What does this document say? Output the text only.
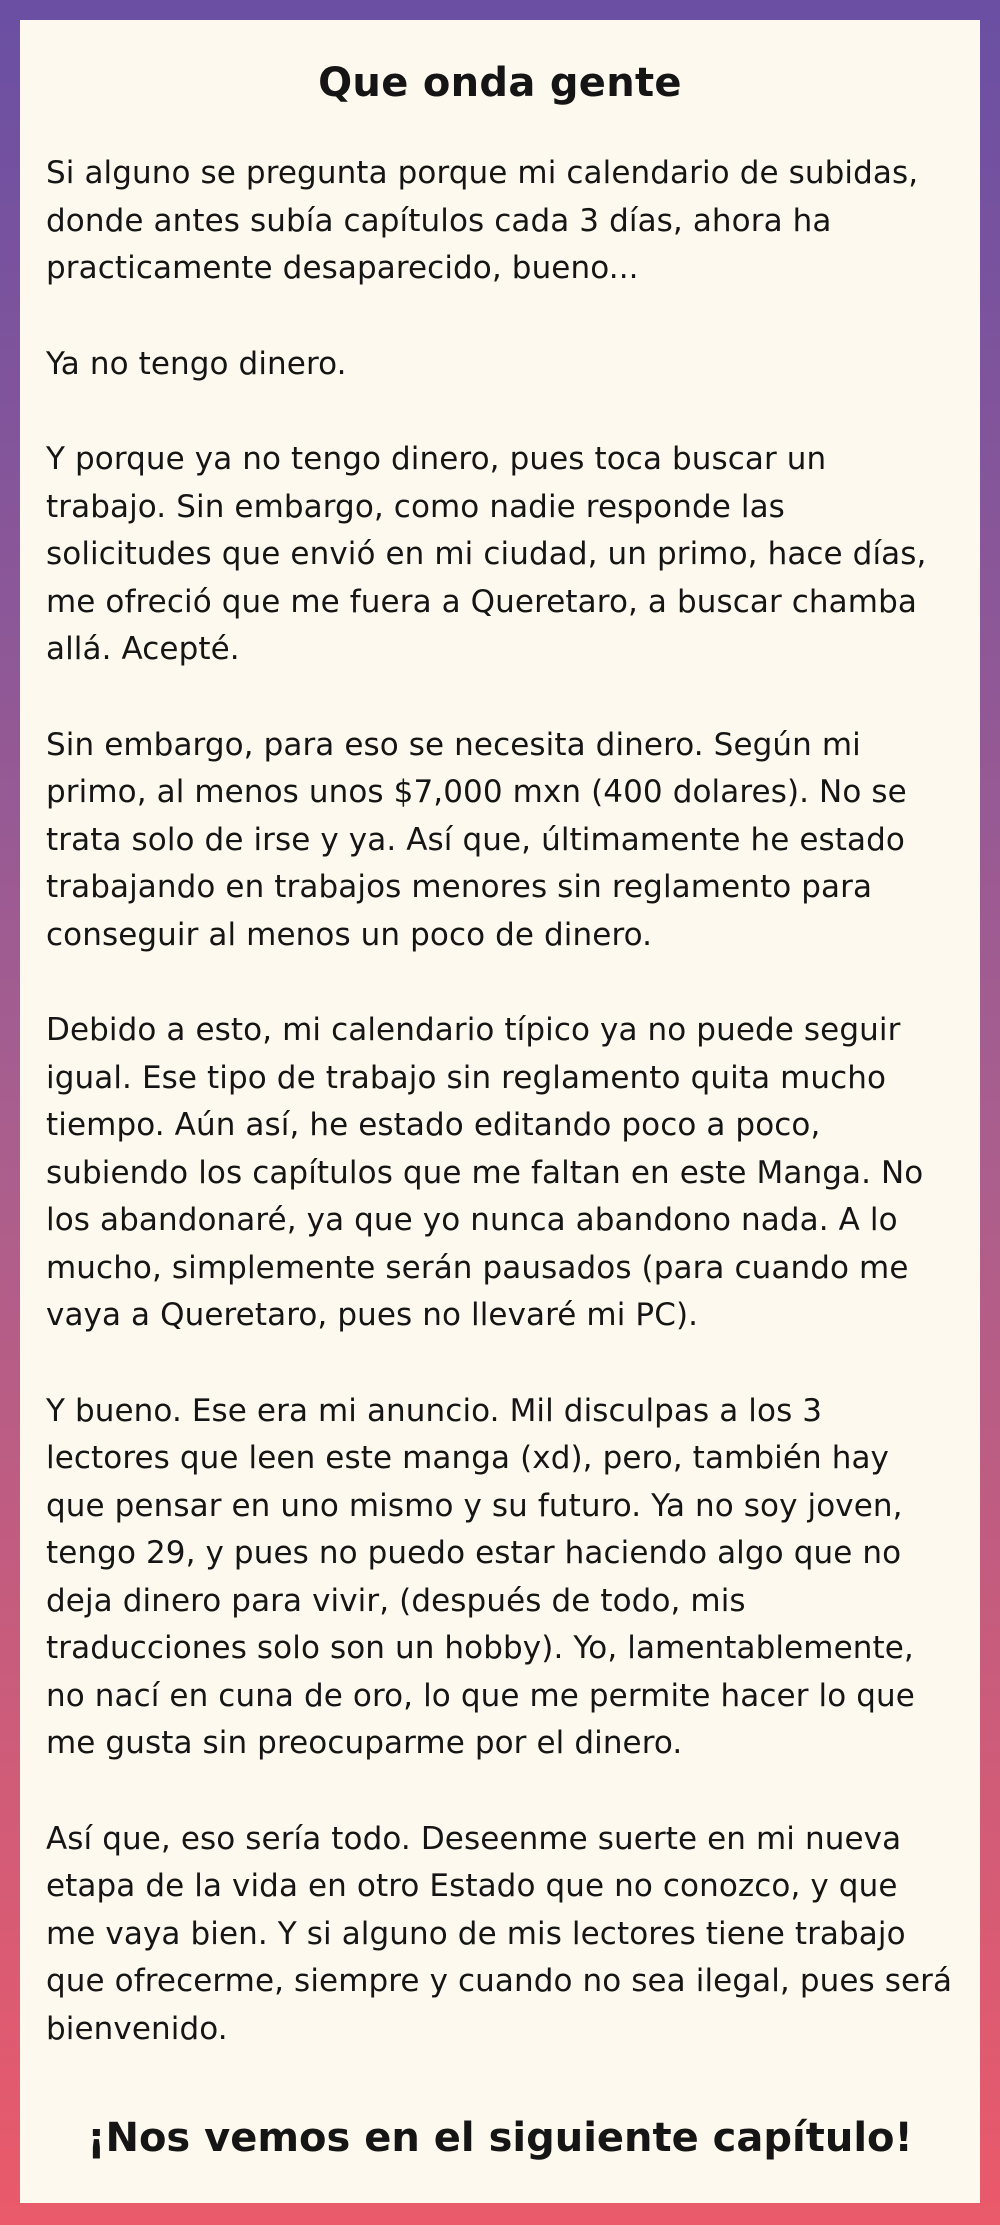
Que onda gente

Si alguno se pregunta porque mi calendario de subidas, donde antes subía capítulos cada 3 días, ahora ha practicamente desaparecido, bueno...

Ya no tengo dinero.

Y porque ya no tengo dinero, pues toca buscar un trabajo. Sin embargo, como nadie responde las solicitudes que envió en mi ciudad, un primo, hace días, me ofreció que me fuera a Queretaro, a buscar chamba allá. Acepté.

Sin embargo, para eso se necesita dinero. Según mi primo, al menos unos $7,000 mxn (400 dolares). No se trata solo de irse y ya. Así que, últimamente he estado trabajando en trabajos menores sin reglamento para conseguir al menos un poco de dinero.

Debido a esto, mi calendario típico ya no puede seguir igual. Ese tipo de trabajo sin reglamento quita mucho tiempo. Aún así, he estado editando poco a poco, subiendo los capítulos que me faltan en este Manga. No los abandonaré, ya que yo nunca abandono nada. A lo mucho, simplemente serán pausados (para cuando me vaya a Queretaro, pues no llevaré mi PC).

Y bueno. Ese era mi anuncio. Mil disculpas a los 3 lectores que leen este manga (xd), pero, también hay que pensar en uno mismo y su futuro. Ya no soy joven, tengo 29, y pues no puedo estar haciendo algo que no deja dinero para vivir, (después de todo, mis traducciones solo son un hobby). Yo, lamentablemente, no nací en cuna de oro, lo que me permite hacer lo que me gusta sin preocuparme por el dinero.

Así que, eso sería todo. Deseenme suerte en mi nueva etapa de la vida en otro Estado que no conozco, y que me vaya bien. Y si alguno de mis lectores tiene trabajo que ofrecerme, siempre y cuando no sea ilegal, pues será bienvenido.

¡Nos vemos en el siguiente capítulo!
